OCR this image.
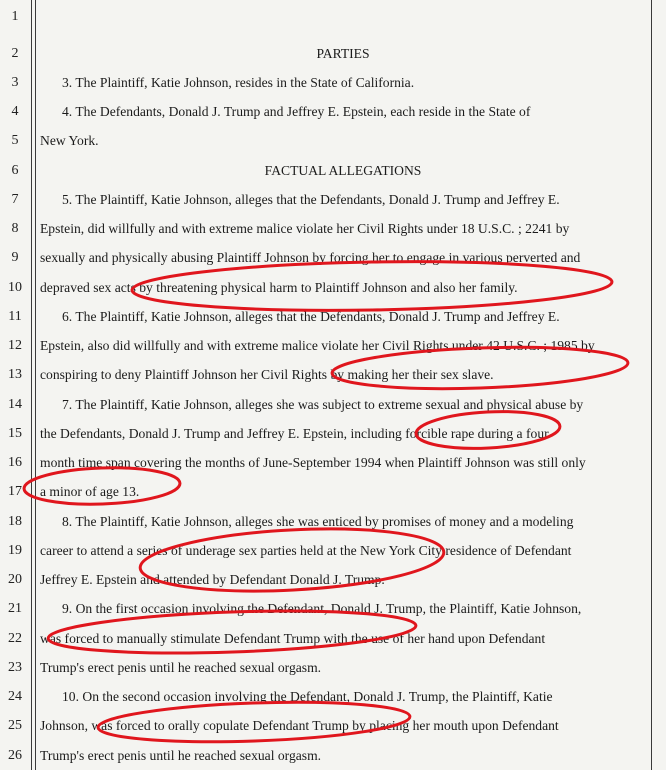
1
2
3
4
5
6
7
8
9
10
11
12
13
14
15
16
17
18
19
20
21
22
23
24
25
26
PARTIES
3. The Plaintiff, Katie Johnson, resides in the State of California.
4. The Defendants, Donald J. Trump and Jeffrey E. Epstein, each reside in the State of
New York.
FACTUAL ALLEGATIONS
5. The Plaintiff, Katie Johnson, alleges that the Defendants, Donald J. Trump and Jeffrey E.
Epstein, did willfully and with extreme malice violate her Civil Rights under 18 U.S.C. ; 2241 by
sexually and physically abusing Plaintiff Johnson by forcing her to engage in various perverted and
depraved sex acts by threatening physical harm to Plaintiff Johnson and also her family.
6. The Plaintiff, Katie Johnson, alleges that the Defendants, Donald J. Trump and Jeffrey E.
Epstein, also did willfully and with extreme malice violate her Civil Rights under 42 U.S.C. ; 1985 by
conspiring to deny Plaintiff Johnson her Civil Rights by making her their sex slave.
7. The Plaintiff, Katie Johnson, alleges she was subject to extreme sexual and physical abuse by
the Defendants, Donald J. Trump and Jeffrey E. Epstein, including forcible rape during a four
month time span covering the months of June-September 1994 when Plaintiff Johnson was still only
a minor of age 13.
8. The Plaintiff, Katie Johnson, alleges she was enticed by promises of money and a modeling
career to attend a series of underage sex parties held at the New York City residence of Defendant
Jeffrey E. Epstein and attended by Defendant Donald J. Trump.
9. On the first occasion involving the Defendant, Donald J. Trump, the Plaintiff, Katie Johnson,
was forced to manually stimulate Defendant Trump with the use of her hand upon Defendant
Trump's erect penis until he reached sexual orgasm.
10. On the second occasion involving the Defendant, Donald J. Trump, the Plaintiff, Katie
Johnson, was forced to orally copulate Defendant Trump by placing her mouth upon Defendant
Trump's erect penis until he reached sexual orgasm.
